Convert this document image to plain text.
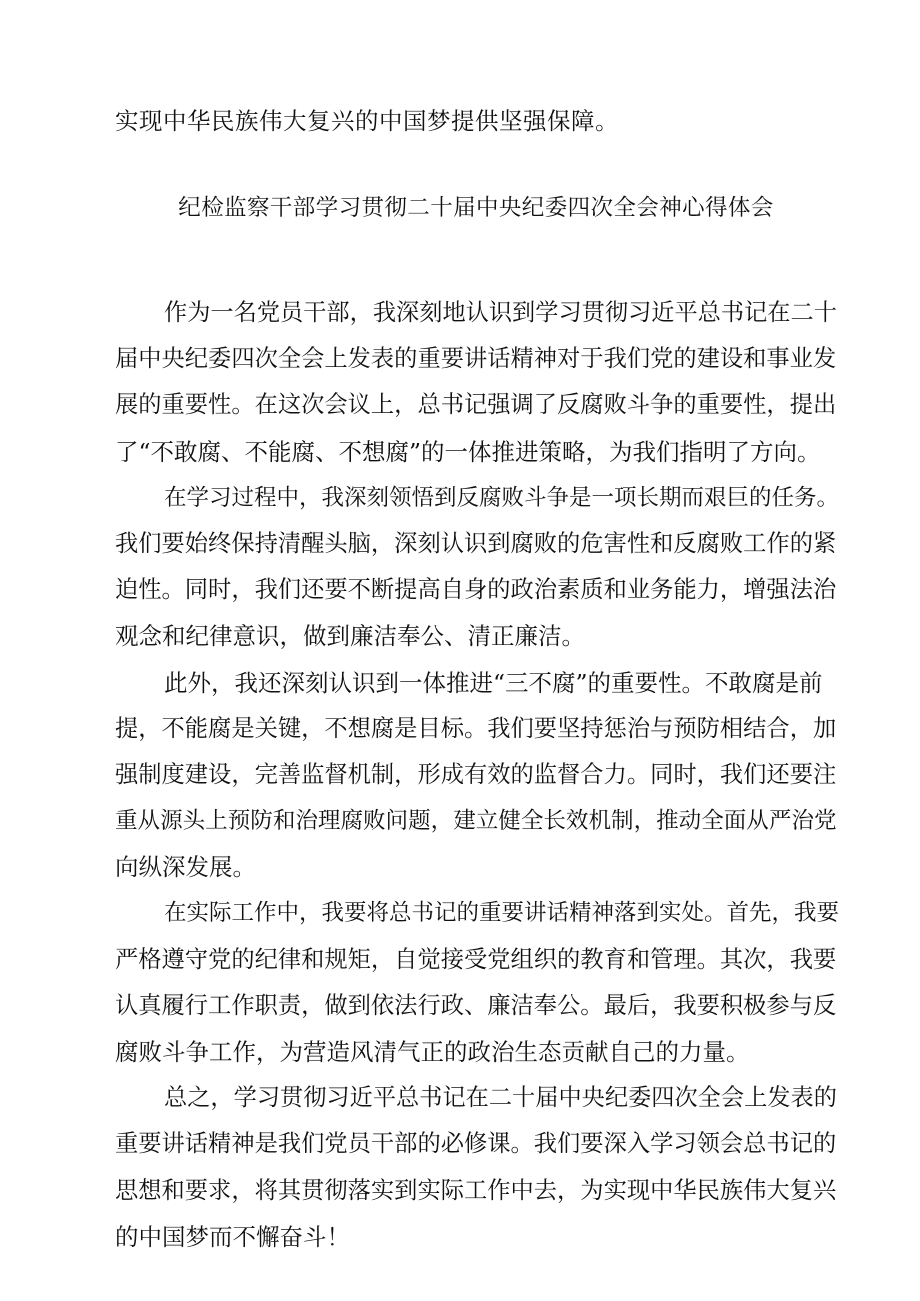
实现中华民族伟大复兴的中国梦提供坚强保障。

纪检监察干部学习贯彻二十届中央纪委四次全会神心得体会

作为一名党员干部，我深刻地认识到学习贯彻习近平总书记在二十
届中央纪委四次全会上发表的重要讲话精神对于我们党的建设和事业发
展的重要性。在这次会议上，总书记强调了反腐败斗争的重要性，提出
了“不敢腐、不能腐、不想腐”的一体推进策略，为我们指明了方向。

在学习过程中，我深刻领悟到反腐败斗争是一项长期而艰巨的任务。
我们要始终保持清醒头脑，深刻认识到腐败的危害性和反腐败工作的紧
迫性。同时，我们还要不断提高自身的政治素质和业务能力，增强法治
观念和纪律意识，做到廉洁奉公、清正廉洁。

此外，我还深刻认识到一体推进“三不腐”的重要性。不敢腐是前
提，不能腐是关键，不想腐是目标。我们要坚持惩治与预防相结合，加
强制度建设，完善监督机制，形成有效的监督合力。同时，我们还要注
重从源头上预防和治理腐败问题，建立健全长效机制，推动全面从严治党
向纵深发展。

在实际工作中，我要将总书记的重要讲话精神落到实处。首先，我要
严格遵守党的纪律和规矩，自觉接受党组织的教育和管理。其次，我要
认真履行工作职责，做到依法行政、廉洁奉公。最后，我要积极参与反
腐败斗争工作，为营造风清气正的政治生态贡献自己的力量。

总之，学习贯彻习近平总书记在二十届中央纪委四次全会上发表的
重要讲话精神是我们党员干部的必修课。我们要深入学习领会总书记的
思想和要求，将其贯彻落实到实际工作中去，为实现中华民族伟大复兴
的中国梦而不懈奋斗！
